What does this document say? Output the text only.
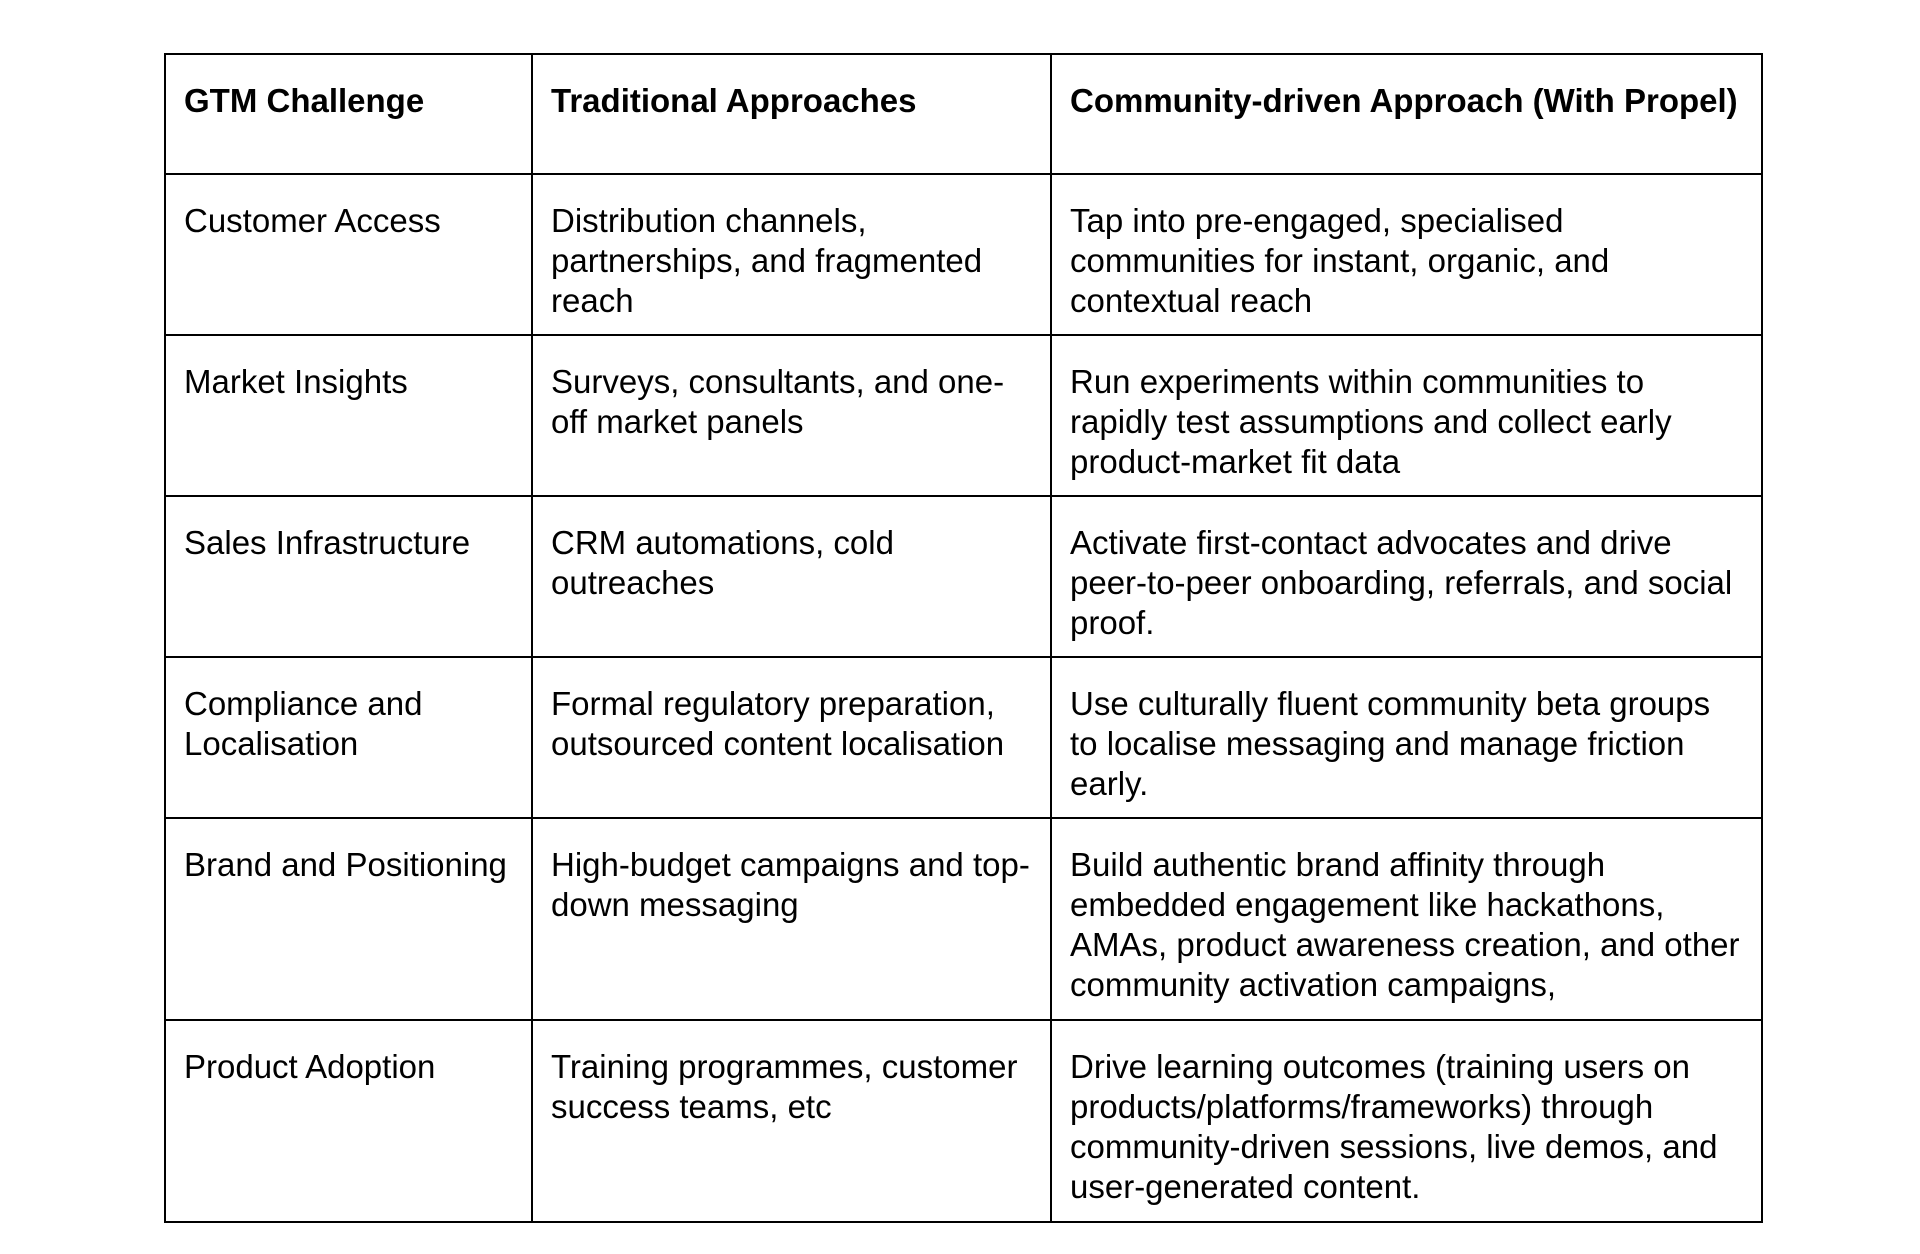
GTM Challenge	Traditional Approaches	Community-driven Approach (With Propel)
Customer Access	Distribution channels, partnerships, and fragmented reach	Tap into pre-engaged, specialised communities for instant, organic, and contextual reach
Market Insights	Surveys, consultants, and one-off market panels	Run experiments within communities to rapidly test assumptions and collect early product-market fit data
Sales Infrastructure	CRM automations, cold outreaches	Activate first-contact advocates and drive peer-to-peer onboarding, referrals, and social proof.
Compliance and Localisation	Formal regulatory preparation, outsourced content localisation	Use culturally fluent community beta groups to localise messaging and manage friction early.
Brand and Positioning	High-budget campaigns and top-down messaging	Build authentic brand affinity through embedded engagement like hackathons, AMAs, product awareness creation, and other community activation campaigns,
Product Adoption	Training programmes, customer success teams, etc	Drive learning outcomes (training users on products/platforms/frameworks) through community-driven sessions, live demos, and user-generated content.
